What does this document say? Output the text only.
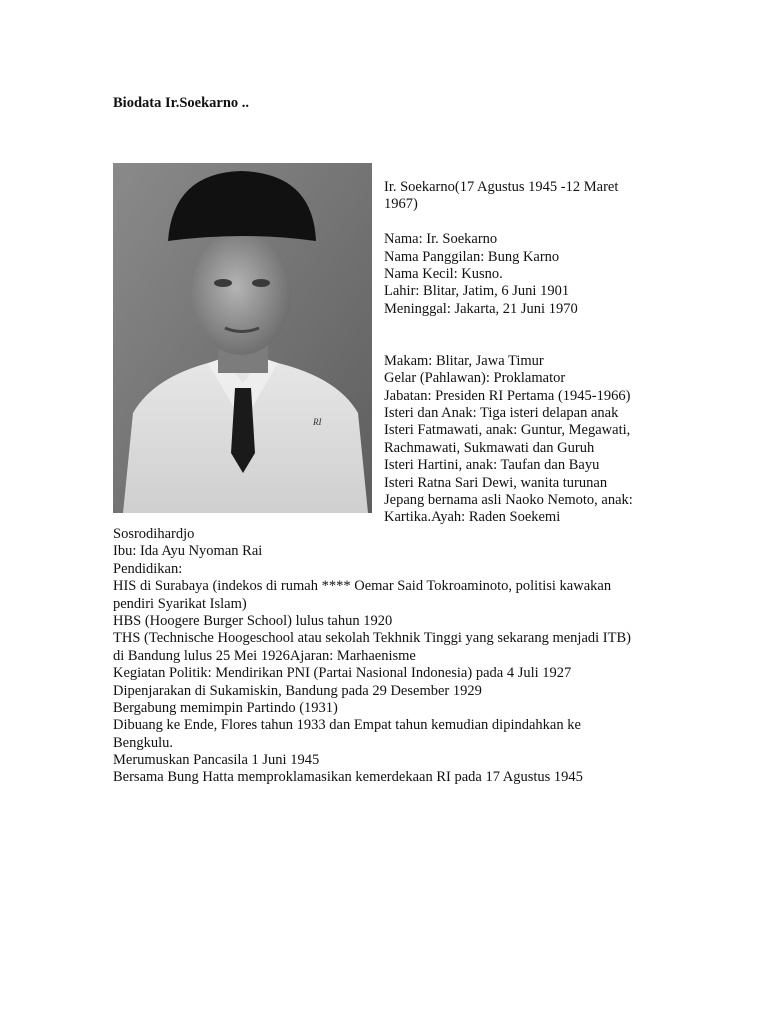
Biodata Ir.Soekarno ..
RI
Ir. Soekarno(17 Agustus 1945 -12 Maret
1967)
Nama: Ir. Soekarno
Nama Panggilan: Bung Karno
Nama Kecil: Kusno.
Lahir: Blitar, Jatim, 6 Juni 1901
Meninggal: Jakarta, 21 Juni 1970
Makam: Blitar, Jawa Timur
Gelar (Pahlawan): Proklamator
Jabatan: Presiden RI Pertama (1945-1966)
Isteri dan Anak: Tiga isteri delapan anak
Isteri Fatmawati, anak: Guntur, Megawati,
Rachmawati, Sukmawati dan Guruh
Isteri Hartini, anak: Taufan dan Bayu
Isteri Ratna Sari Dewi, wanita turunan
Jepang bernama asli Naoko Nemoto, anak:
Kartika.Ayah: Raden Soekemi
Sosrodihardjo
Ibu: Ida Ayu Nyoman Rai
Pendidikan:
HIS di Surabaya (indekos di rumah **** Oemar Said Tokroaminoto, politisi kawakan
pendiri Syarikat Islam)
HBS (Hoogere Burger School) lulus tahun 1920
THS (Technische Hoogeschool atau sekolah Tekhnik Tinggi yang sekarang menjadi ITB)
di Bandung lulus 25 Mei 1926Ajaran: Marhaenisme
Kegiatan Politik: Mendirikan PNI (Partai Nasional Indonesia) pada 4 Juli 1927
Dipenjarakan di Sukamiskin, Bandung pada 29 Desember 1929
Bergabung memimpin Partindo (1931)
Dibuang ke Ende, Flores tahun 1933 dan Empat tahun kemudian dipindahkan ke
Bengkulu.
Merumuskan Pancasila 1 Juni 1945
Bersama Bung Hatta memproklamasikan kemerdekaan RI pada 17 Agustus 1945
